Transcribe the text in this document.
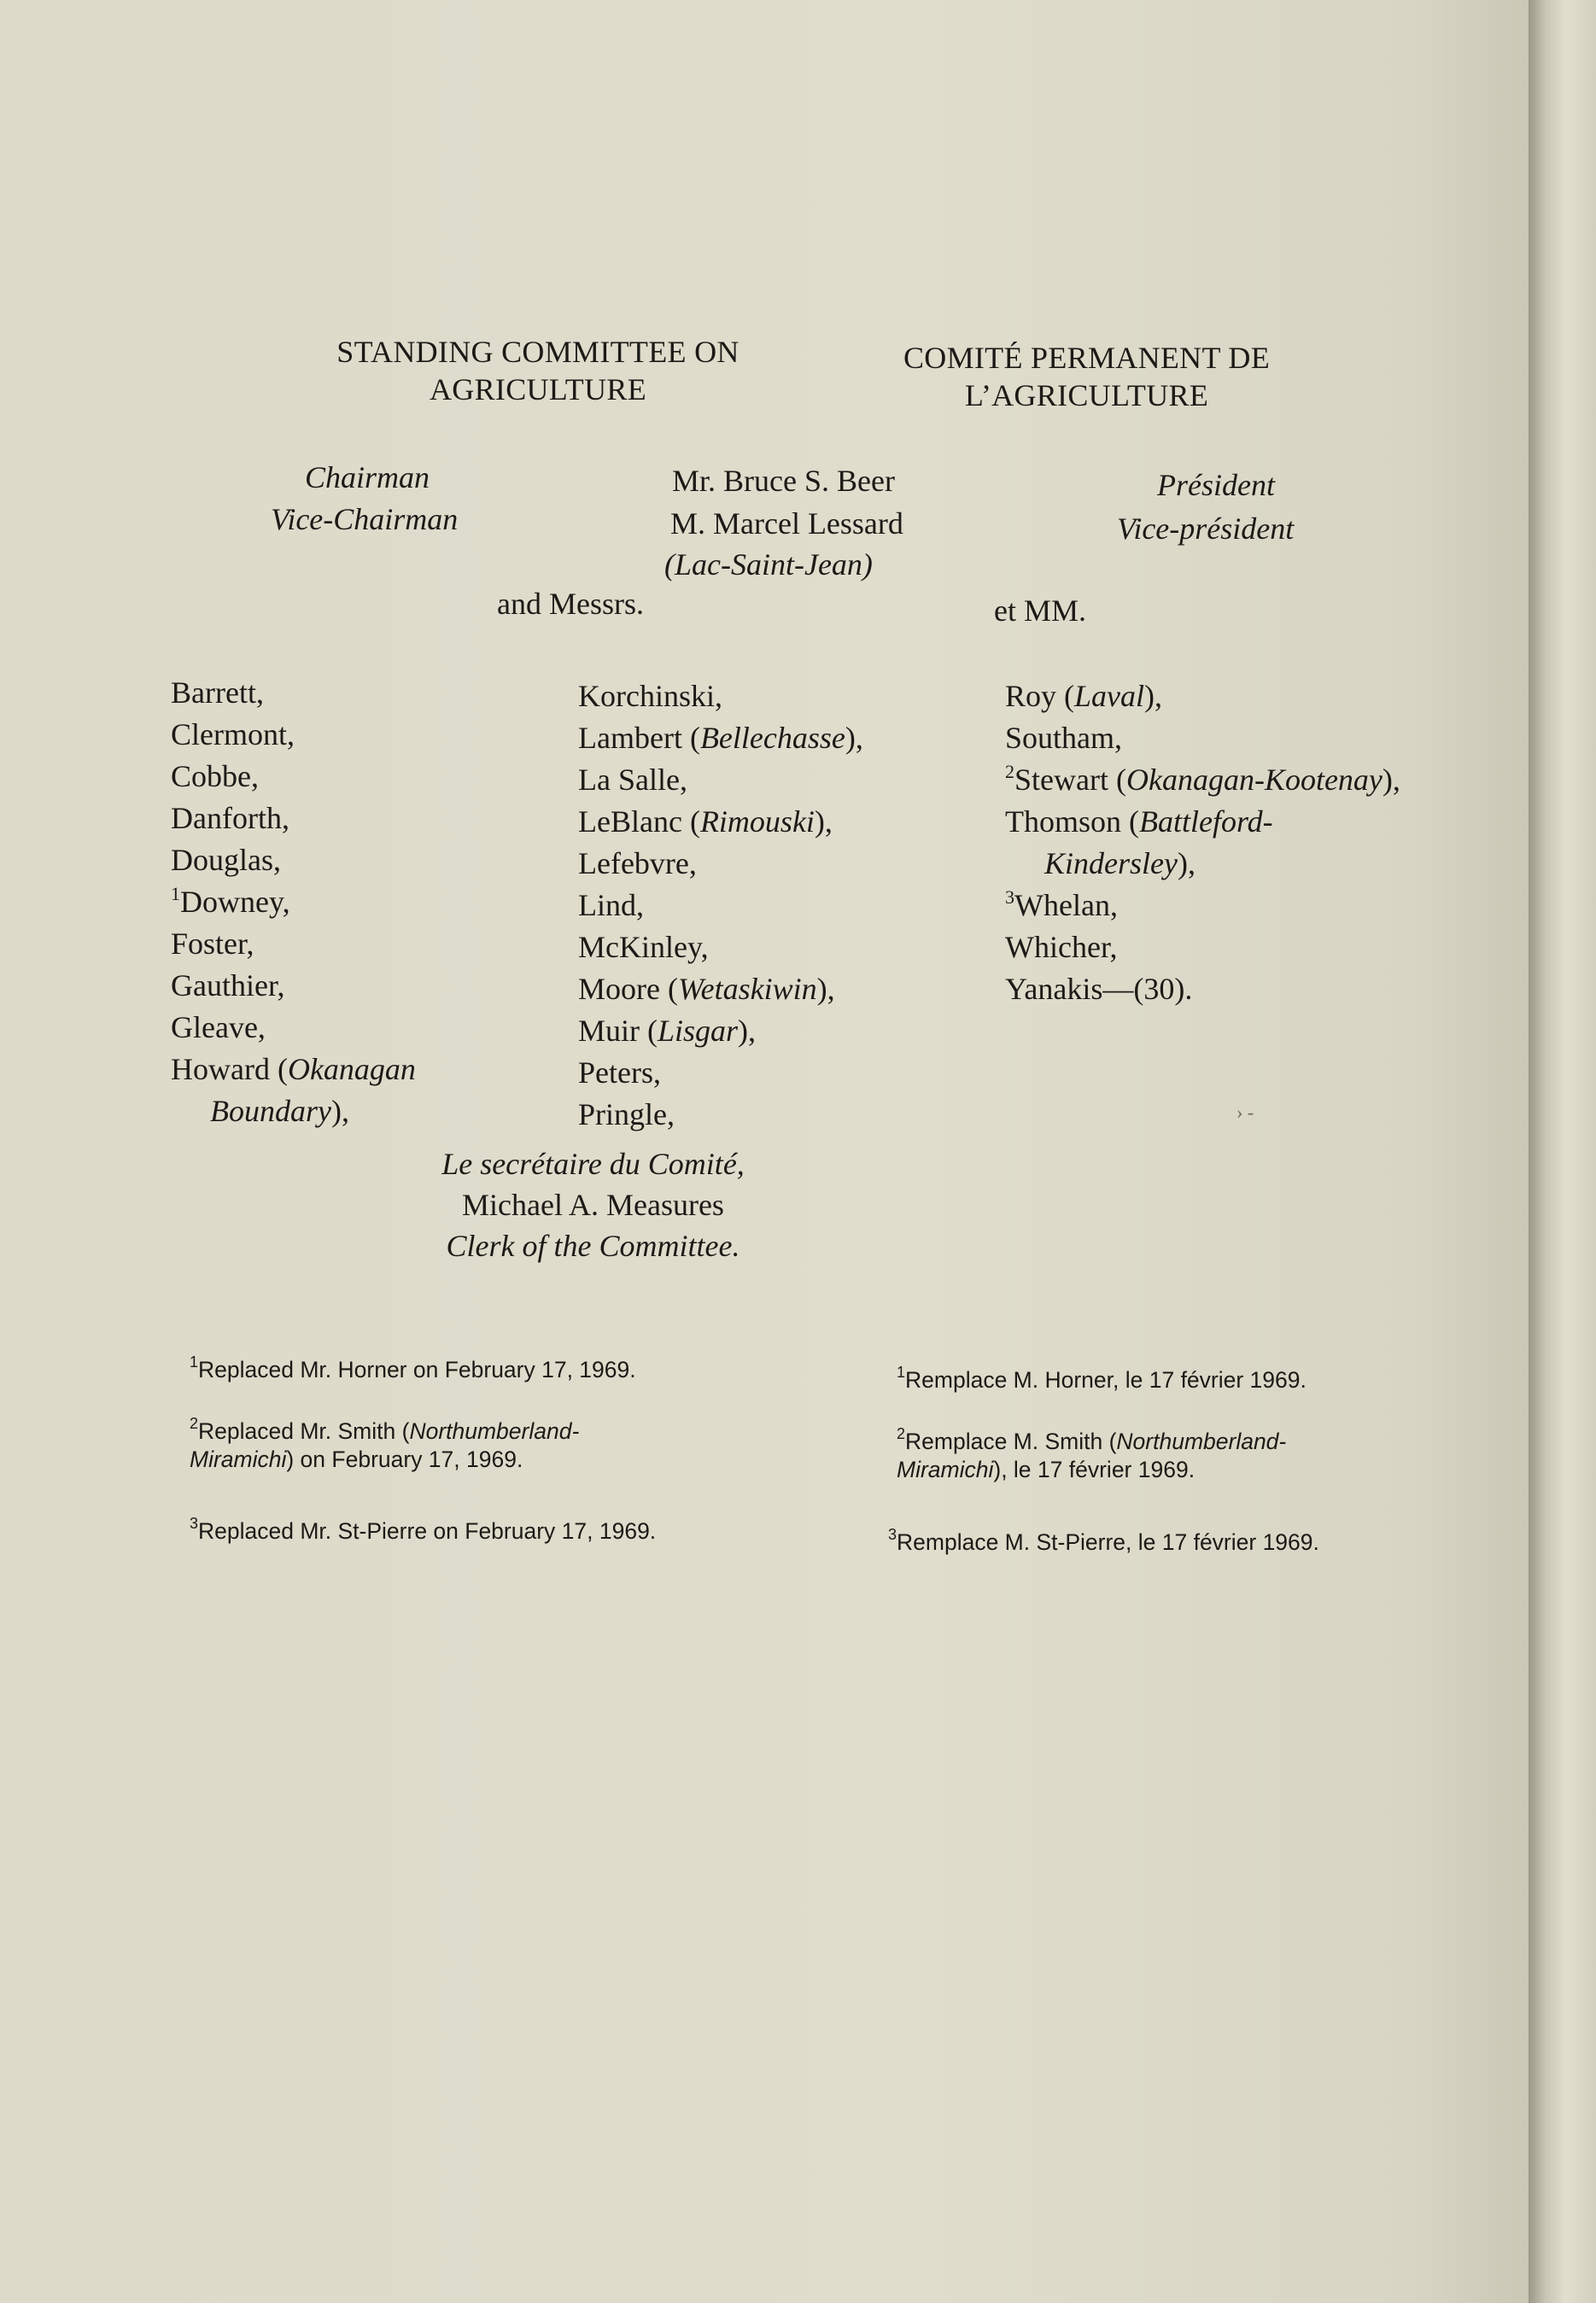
STANDING COMMITTEE ON
AGRICULTURE
COMITÉ PERMANENT DE
L’AGRICULTURE
Chairman
Vice-Chairman
Mr. Bruce S. Beer
M. Marcel Lessard
(Lac-Saint-Jean)
Président
Vice-président
and Messrs.	et MM.
Barrett,
Clermont,
Cobbe,
Danforth,
Douglas,
$^1$Downey,
Foster,
Gauthier,
Gleave,
Howard (Okanagan
Boundary),
Korchinski,
Lambert (Bellechasse),
La Salle,
LeBlanc (Rimouski),
Lefebvre,
Lind,
McKinley,
Moore (Wetaskiwin),
Muir (Lisgar),
Peters,
Pringle,
Roy (Laval),
Southam,
$^2$Stewart (Okanagan-Kootenay),
Thomson (Battleford-
Kindersley),
$^3$Whelan,
Whicher,
Yanakis—(30).
› -
Le secrétaire du Comité,
Michael A. Measures
Clerk of the Committee.
$^1$Replaced Mr. Horner on February 17, 1969.
$^2$Replaced Mr. Smith (Northumberland-
Miramichi) on February 17, 1969.
$^3$Replaced Mr. St-Pierre on February 17, 1969.
$^1$Remplace M. Horner, le 17 février 1969.
$^2$Remplace M. Smith (Northumberland-
Miramichi), le 17 février 1969.
$^3$Remplace M. St-Pierre, le 17 février 1969.
